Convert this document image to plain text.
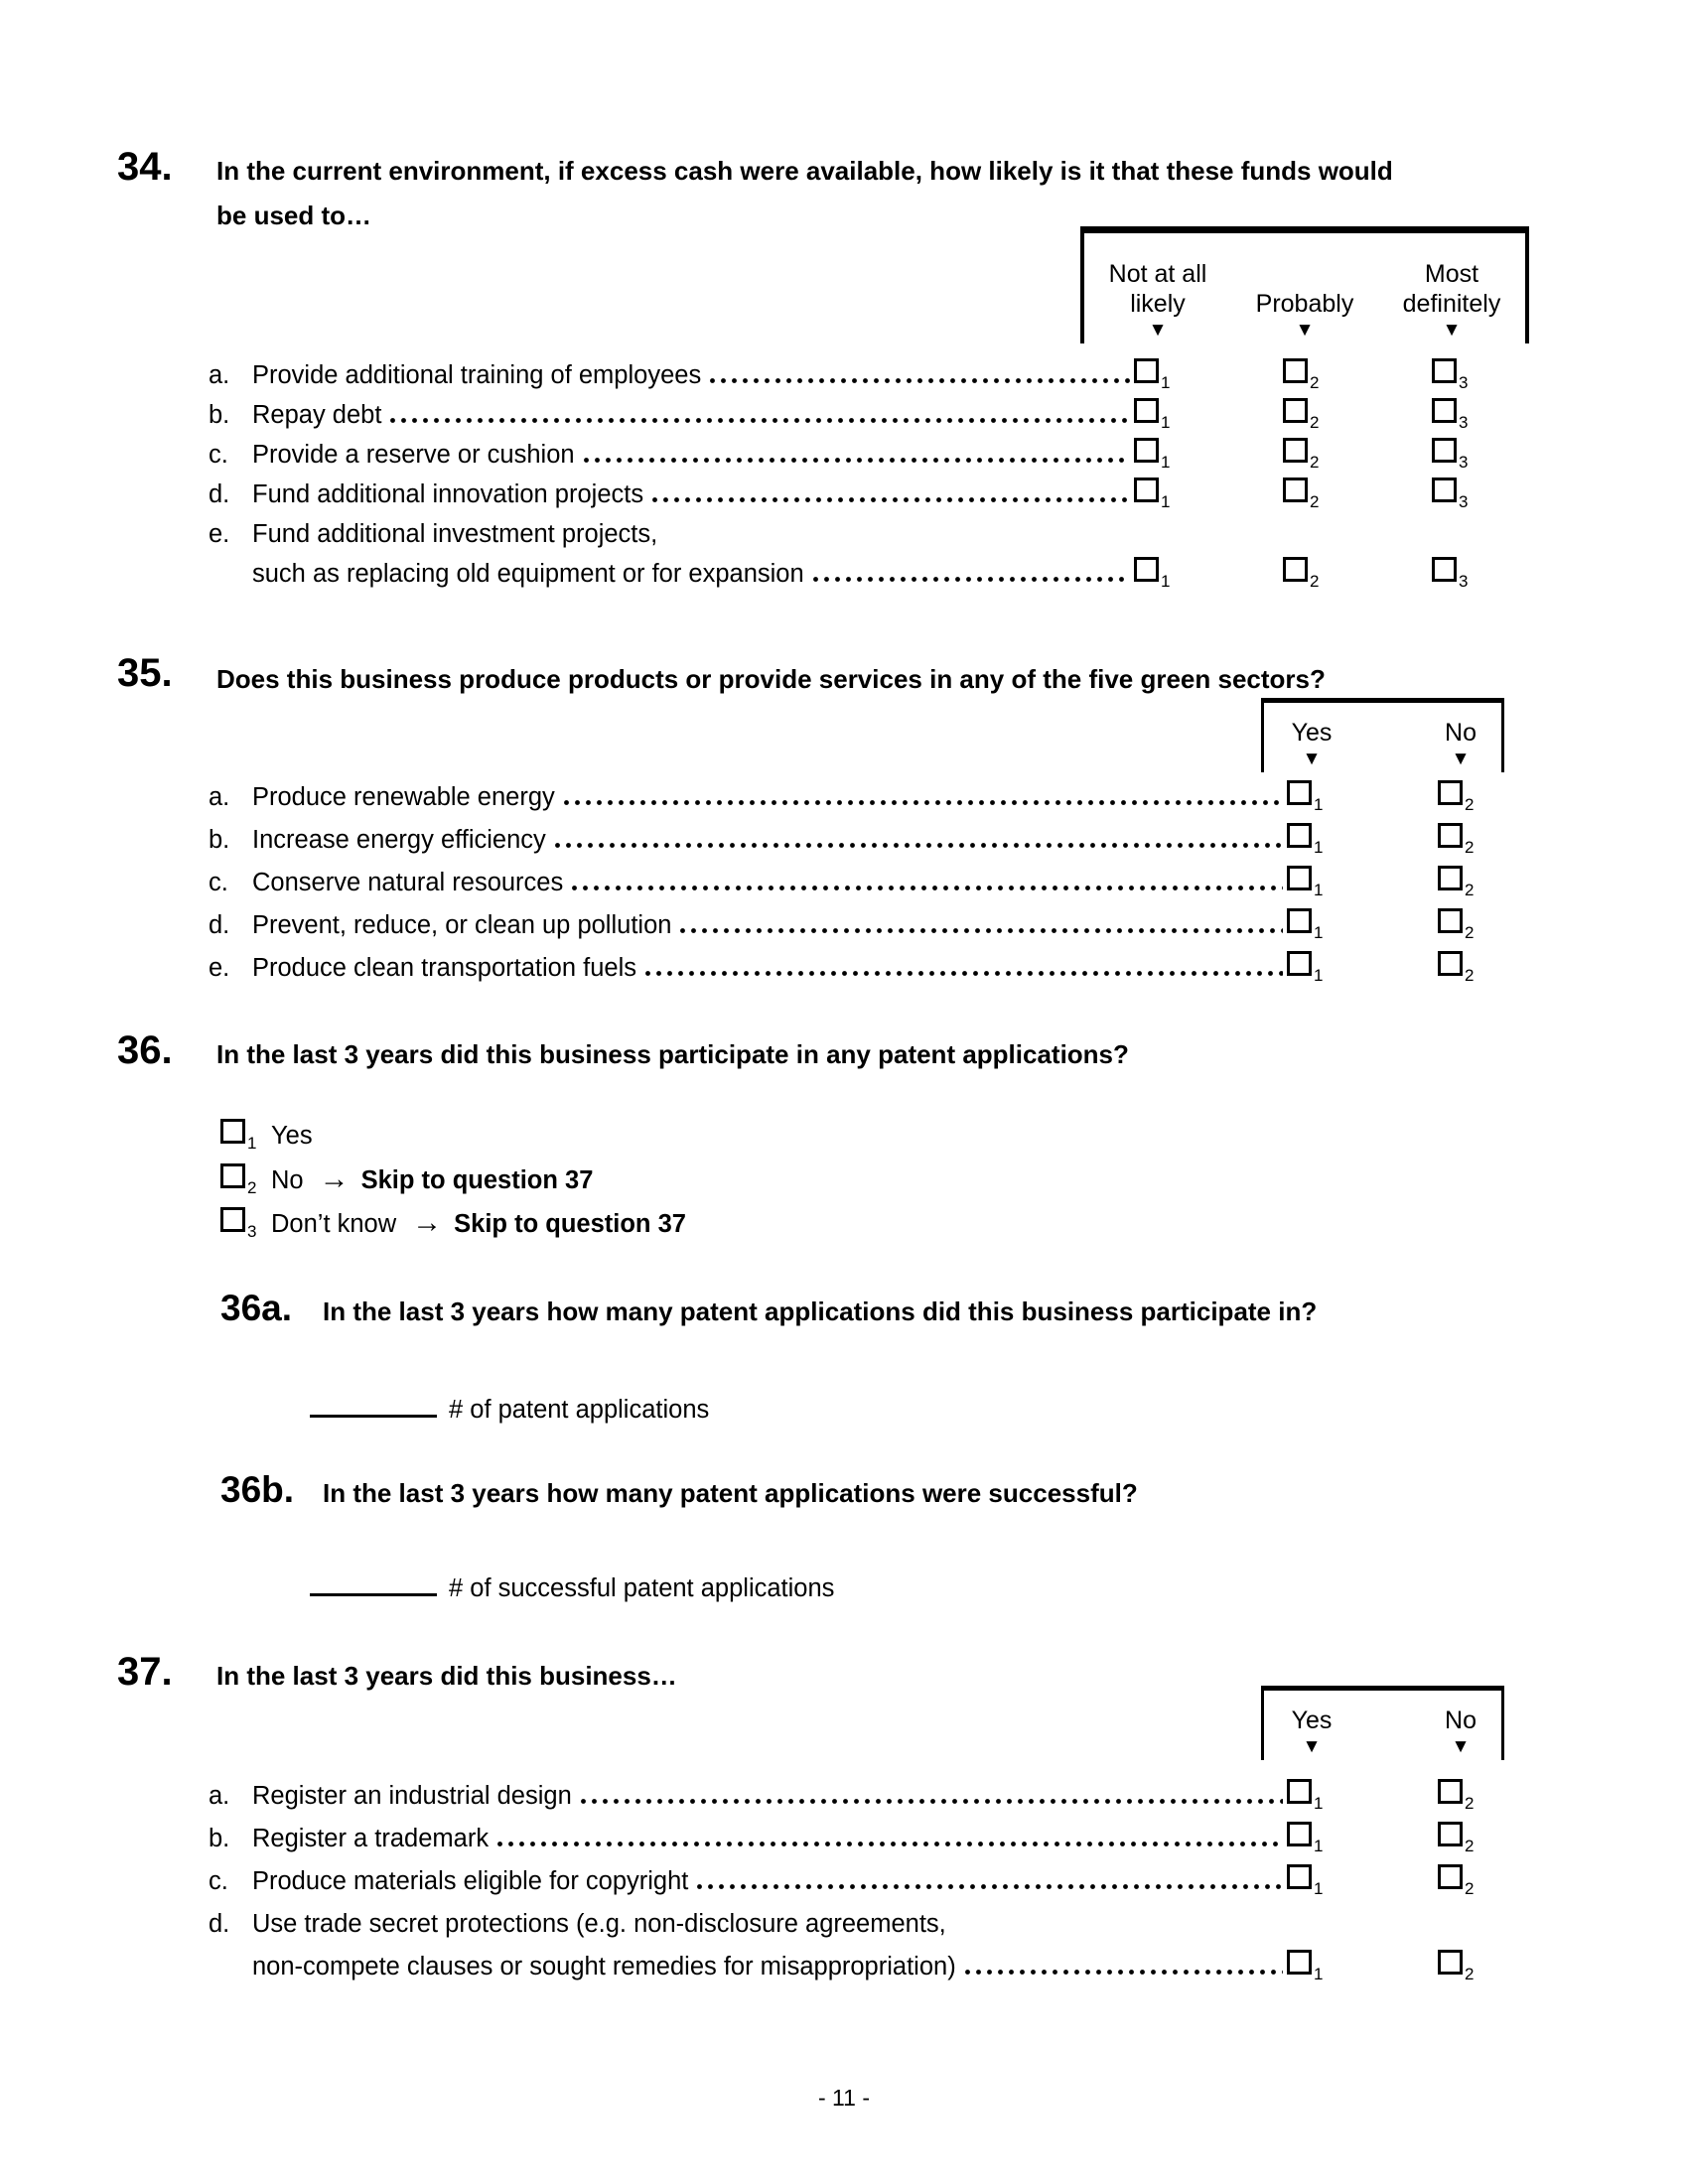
34. In the current environment, if excess cash were available, how likely is it that these funds would
be used to…
Not at all
likely
▼
Probably
▼
Most
definitely
▼
a. Provide additional training of employees	1	2	3
b. Repay debt	1	2	3
c. Provide a reserve or cushion	1	2	3
d. Fund additional innovation projects	1	2	3
e. Fund additional investment projects,
such as replacing old equipment or for expansion	1	2	3
35. Does this business produce products or provide services in any of the five green sectors?
Yes
▼
No
▼
a. Produce renewable energy	1	2
b. Increase energy efficiency	1	2
c. Conserve natural resources	1	2
d. Prevent, reduce, or clean up pollution	1	2
e. Produce clean transportation fuels	1	2
36. In the last 3 years did this business participate in any patent applications?
1 Yes
2 No → Skip to question 37
3 Don’t know → Skip to question 37
36a.	In the last 3 years how many patent applications did this business participate in?
# of patent applications
36b.	In the last 3 years how many patent applications were successful?
# of successful patent applications
37. In the last 3 years did this business…
Yes
▼
No
▼
a. Register an industrial design	1	2
b. Register a trademark	1	2
c. Produce materials eligible for copyright	1	2
d. Use trade secret protections (e.g. non-disclosure agreements,
non-compete clauses or sought remedies for misappropriation)	1	2
- 11 -
